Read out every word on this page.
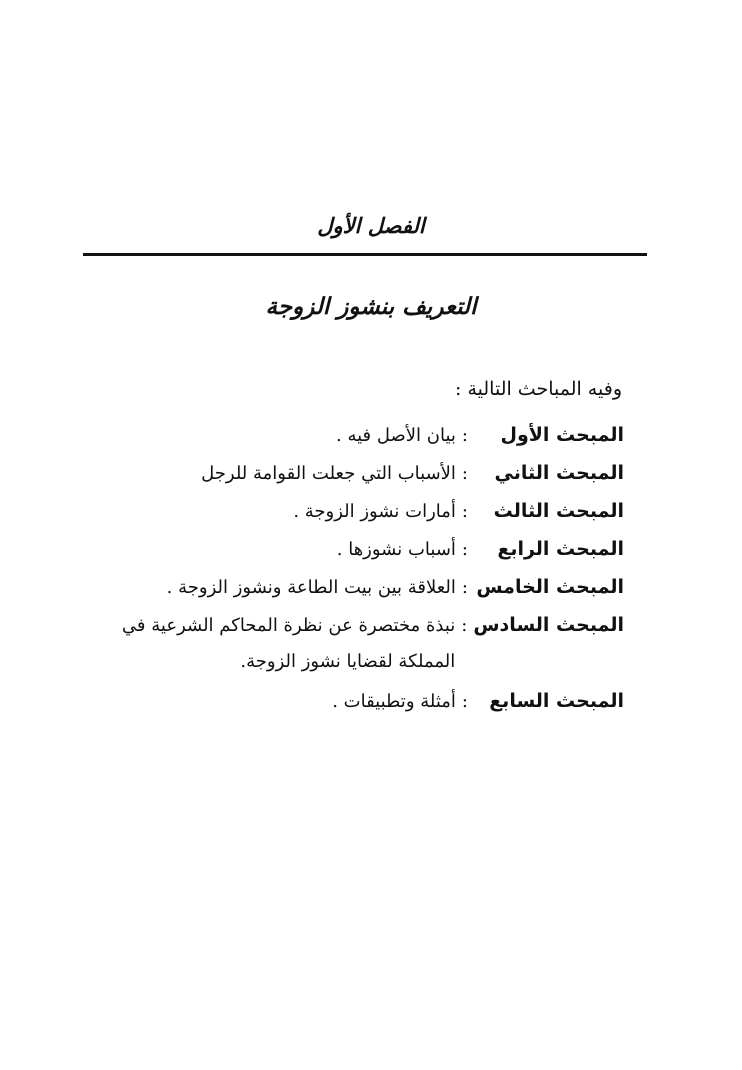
الفصل الأول
التعريف بنشوز الزوجة
وفيه المباحث التالية :
المبحث الأول
:
بيان الأصل فيه .
المبحث الثاني
:
الأسباب التي جعلت القوامة للرجل
المبحث الثالث
:
أمارات نشوز الزوجة .
المبحث الرابع
:
أسباب نشوزها .
المبحث الخامس
:
العلاقة بين بيت الطاعة ونشوز الزوجة .
المبحث السادس
:
نبذة مختصرة عن نظرة المحاكم الشرعية في المملكة لقضايا نشوز الزوجة.
المبحث السابع
:
أمثلة وتطبيقات .
